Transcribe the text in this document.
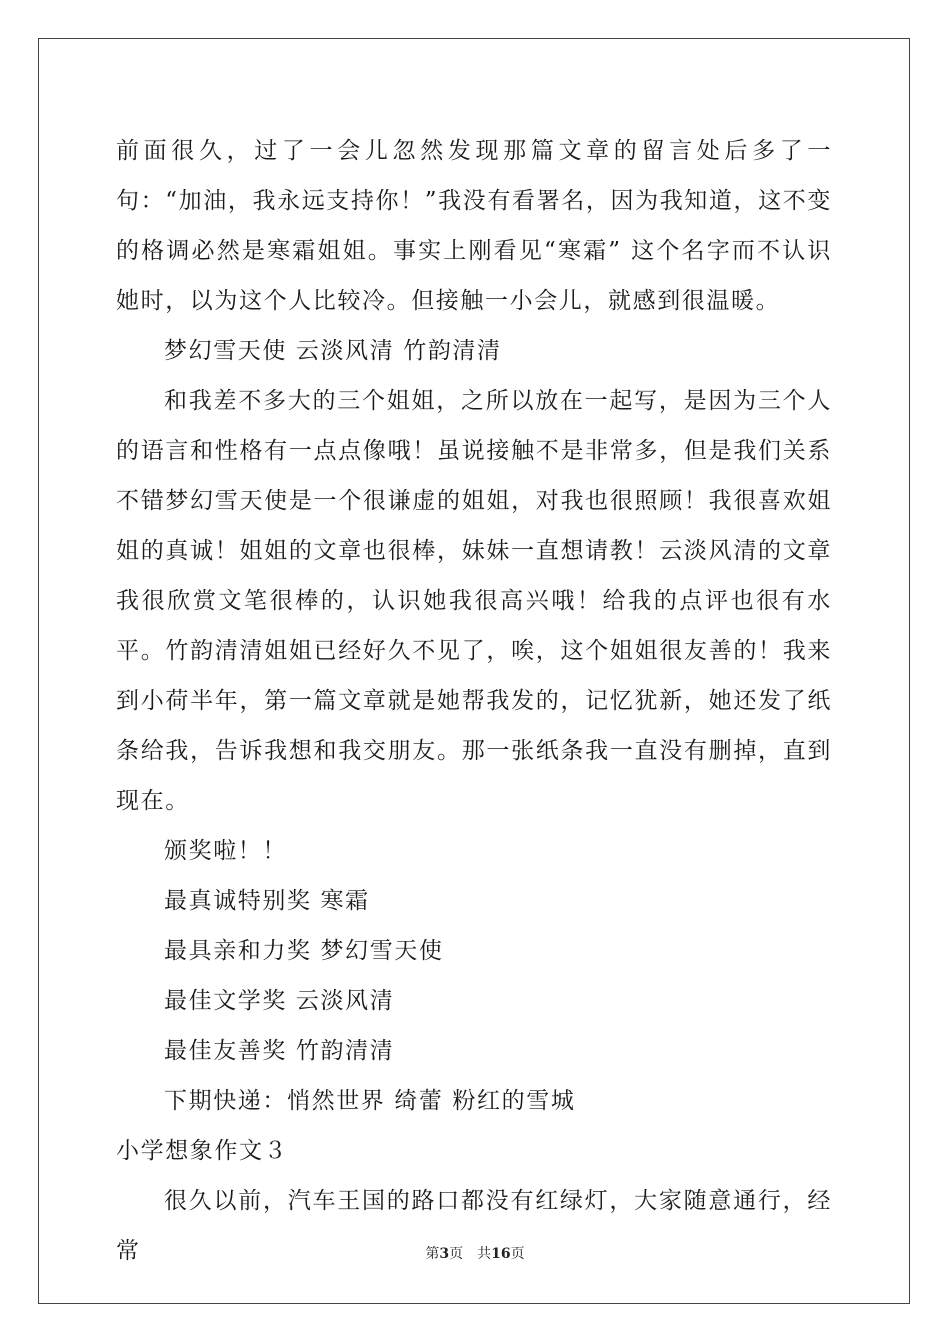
前面很久，过了一会儿忽然发现那篇文章的留言处后多了一句：“加油，我永远支持你！”我没有看署名，因为我知道，这不变的格调必然是寒霜姐姐。事实上刚看见“寒霜” 这个名字而不认识她时，以为这个人比较冷。但接触一小会儿，就感到很温暖。

梦幻雪天使 云淡风清 竹韵清清

和我差不多大的三个姐姐，之所以放在一起写，是因为三个人的语言和性格有一点点像哦！虽说接触不是非常多，但是我们关系不错梦幻雪天使是一个很谦虚的姐姐，对我也很照顾！我很喜欢姐姐的真诚！姐姐的文章也很棒，妹妹一直想请教！云淡风清的文章我很欣赏文笔很棒的，认识她我很高兴哦！给我的点评也很有水平。竹韵清清姐姐已经好久不见了，唉，这个姐姐很友善的！我来到小荷半年，第一篇文章就是她帮我发的，记忆犹新，她还发了纸条给我，告诉我想和我交朋友。那一张纸条我一直没有删掉，直到现在。

颁奖啦！！

最真诚特别奖 寒霜

最具亲和力奖 梦幻雪天使

最佳文学奖 云淡风清

最佳友善奖 竹韵清清

下期快递：悄然世界 绮蕾 粉红的雪城

小学想象作文３

很久以前，汽车王国的路口都没有红绿灯，大家随意通行，经常	第3页 共16页
